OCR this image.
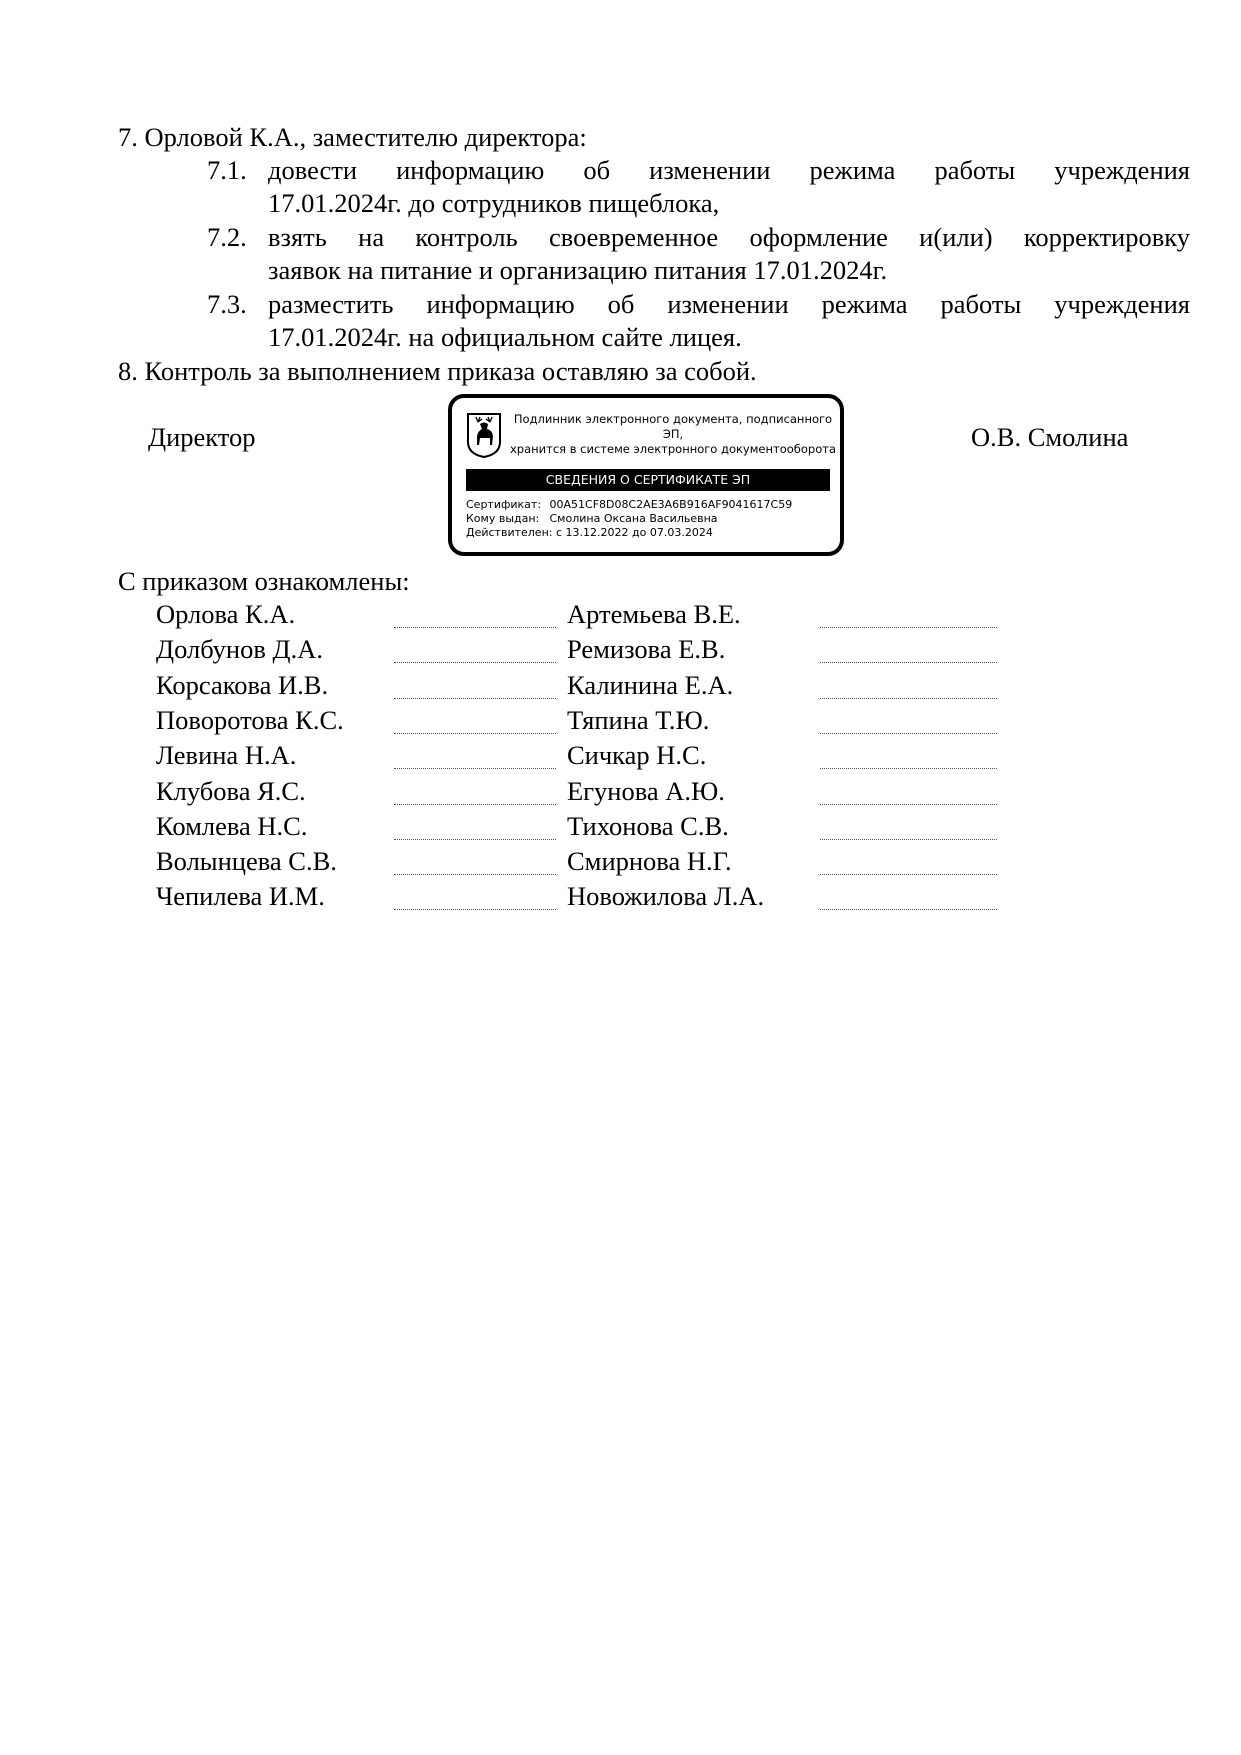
7. Орловой К.А., заместителю директора:
7.1. довести информацию об изменении режима работы учреждения
17.01.2024г. до сотрудников пищеблока,
7.2. взять на контроль своевременное оформление и(или) корректировку
заявок на питание и организацию питания 17.01.2024г.
7.3. разместить информацию об изменении режима работы учреждения
17.01.2024г. на официальном сайте лицея.
8. Контроль за выполнением приказа оставляю за собой.
Директор	О.В. Смолина
Подлинник электронного документа, подписанного ЭП,
хранится в системе электронного документооборота
СВЕДЕНИЯ О СЕРТИФИКАТЕ ЭП
Сертификат: 00A51CF8D08C2AE3A6B916AF9041617C59
Кому выдан: Смолина Оксана Васильевна
Действителен: с 13.12.2022 до 07.03.2024
С приказом ознакомлены:
Орлова К.А.	Артемьева В.Е.
Долбунов Д.А.	Ремизова Е.В.
Корсакова И.В.	Калинина Е.А.
Поворотова К.С.	Тяпина Т.Ю.
Левина Н.А.	Сичкар Н.С.
Клубова Я.С.	Егунова А.Ю.
Комлева Н.С.	Тихонова С.В.
Волынцева С.В.	Смирнова Н.Г.
Чепилева И.М.	Новожилова Л.А.
